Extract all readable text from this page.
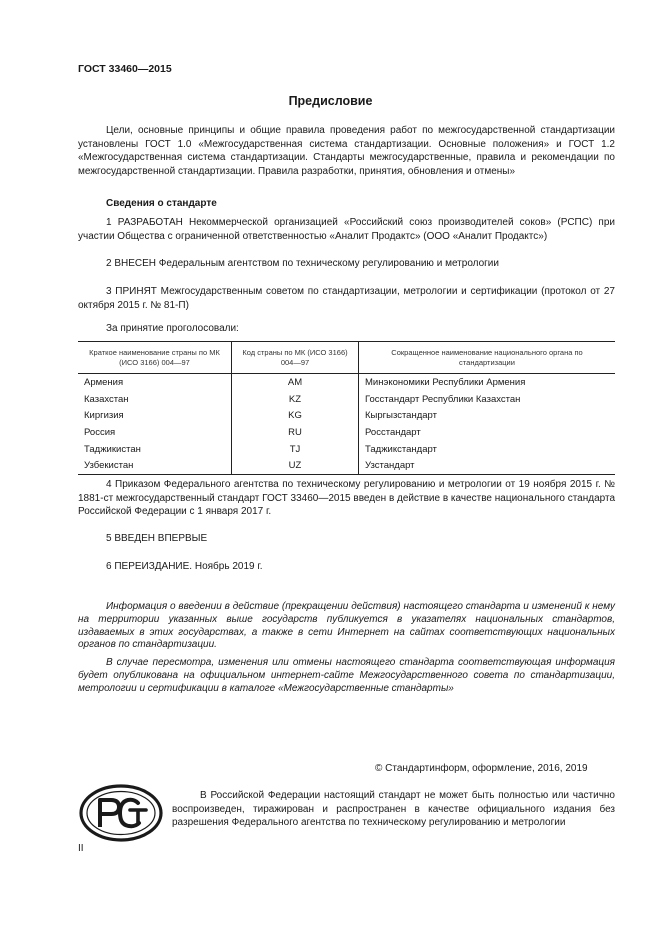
ГОСТ 33460—2015
Предисловие
Цели, основные принципы и общие правила проведения работ по межгосударственной стандартизации установлены ГОСТ 1.0 «Межгосударственная система стандартизации. Основные положения» и ГОСТ 1.2 «Межгосударственная система стандартизации. Стандарты межгосударственные, правила и рекомендации по межгосударственной стандартизации. Правила разработки, принятия, обновления и отмены»
Сведения о стандарте
1 РАЗРАБОТАН Некоммерческой организацией «Российский союз производителей соков» (РСПС) при участии Общества с ограниченной ответственностью «Аналит Продактс» (ООО «Аналит Продактс»)
2 ВНЕСЕН Федеральным агентством по техническому регулированию и метрологии
3 ПРИНЯТ Межгосударственным советом по стандартизации, метрологии и сертификации (протокол от 27 октября 2015 г. № 81-П)
За принятие проголосовали:
Краткое наименование страны по МК (ИСО 3166) 004—97	Код страны по МК (ИСО 3166) 004—97	Сокращенное наименование национального органа по стандартизации
Армения	AM	Минэкономики Республики Армения
Казахстан	KZ	Госстандарт Республики Казахстан
Киргизия	KG	Кыргызстандарт
Россия	RU	Росстандарт
Таджикистан	TJ	Таджикстандарт
Узбекистан	UZ	Узстандарт
4 Приказом Федерального агентства по техническому регулированию и метрологии от 19 ноября 2015 г. № 1881-ст межгосударственный стандарт ГОСТ 33460—2015 введен в действие в качестве национального стандарта Российской Федерации с 1 января 2017 г.
5 ВВЕДЕН ВПЕРВЫЕ
6 ПЕРЕИЗДАНИЕ. Ноябрь 2019 г.
Информация о введении в действие (прекращении действия) настоящего стандарта и изменений к нему на территории указанных выше государств публикуется в указателях национальных стандартов, издаваемых в этих государствах, а также в сети Интернет на сайтах соответствующих национальных органов по стандартизации.
В случае пересмотра, изменения или отмены настоящего стандарта соответствующая информация будет опубликована на официальном интернет-сайте Межгосударственного совета по стандартизации, метрологии и сертификации в каталоге «Межгосударственные стандарты»
© Стандартинформ, оформление, 2016, 2019
В Российской Федерации настоящий стандарт не может быть полностью или частично воспроизведен, тиражирован и распространен в качестве официального издания без разрешения Федерального агентства по техническому регулированию и метрологии
II
